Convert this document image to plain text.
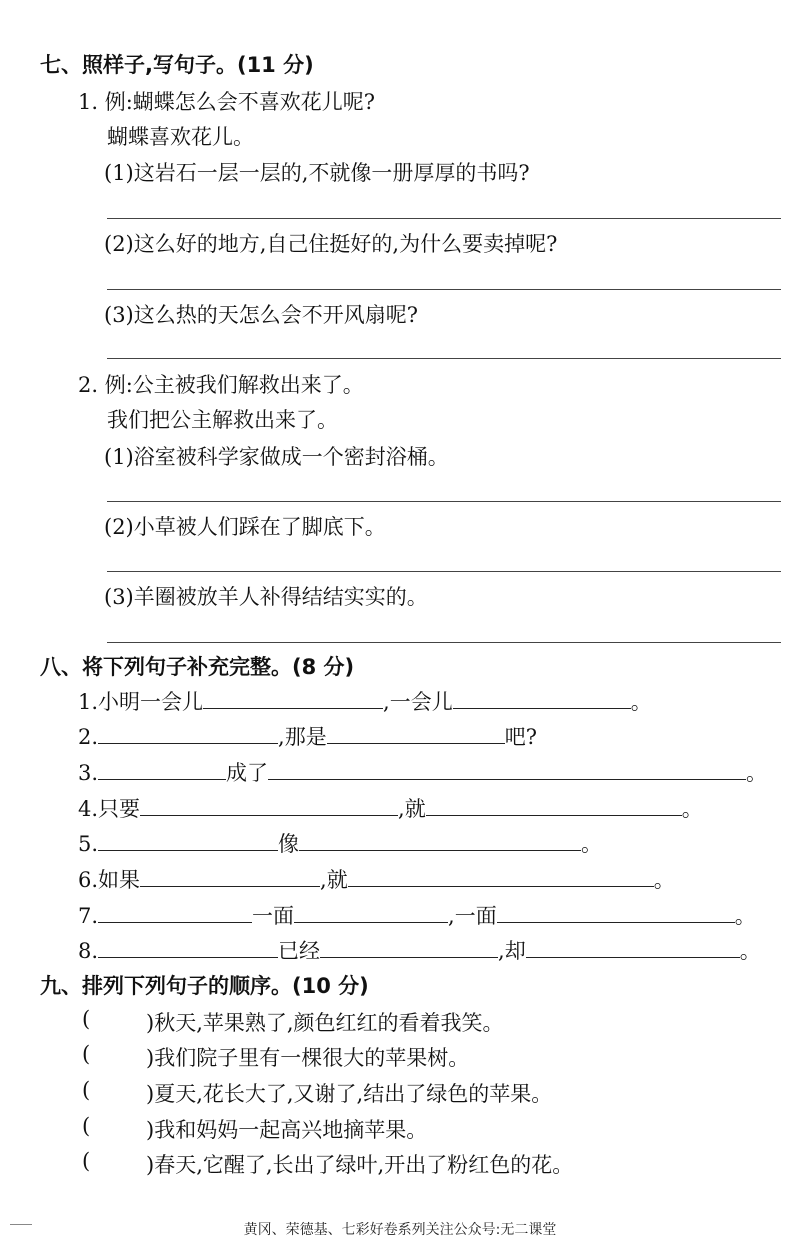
七、照样子,写句子。(11 分)
1. 例:蝴蝶怎么会不喜欢花儿呢?
蝴蝶喜欢花儿。
(1)这岩石一层一层的,不就像一册厚厚的书吗?
(2)这么好的地方,自己住挺好的,为什么要卖掉呢?
(3)这么热的天怎么会不开风扇呢?
2. 例:公主被我们解救出来了。
我们把公主解救出来了。
(1)浴室被科学家做成一个密封浴桶。
(2)小草被人们踩在了脚底下。
(3)羊圈被放羊人补得结结实实的。
八、将下列句子补充完整。(8 分)
1.小明一会儿	,一会儿	。
2.	,那是	吧?
3.	成了	。
4.只要	,就	。
5.	像	。
6.如果	,就	。
7.	一面	,一面	。
8.	已经	,却	。
九、排列下列句子的顺序。(10 分)
(	)秋天,苹果熟了,颜色红红的看着我笑。
(	)我们院子里有一棵很大的苹果树。
(	)夏天,花长大了,又谢了,结出了绿色的苹果。
(	)我和妈妈一起高兴地摘苹果。
(	)春天,它醒了,长出了绿叶,开出了粉红色的花。
黄冈、荣德基、七彩好卷系列关注公众号:无二课堂
